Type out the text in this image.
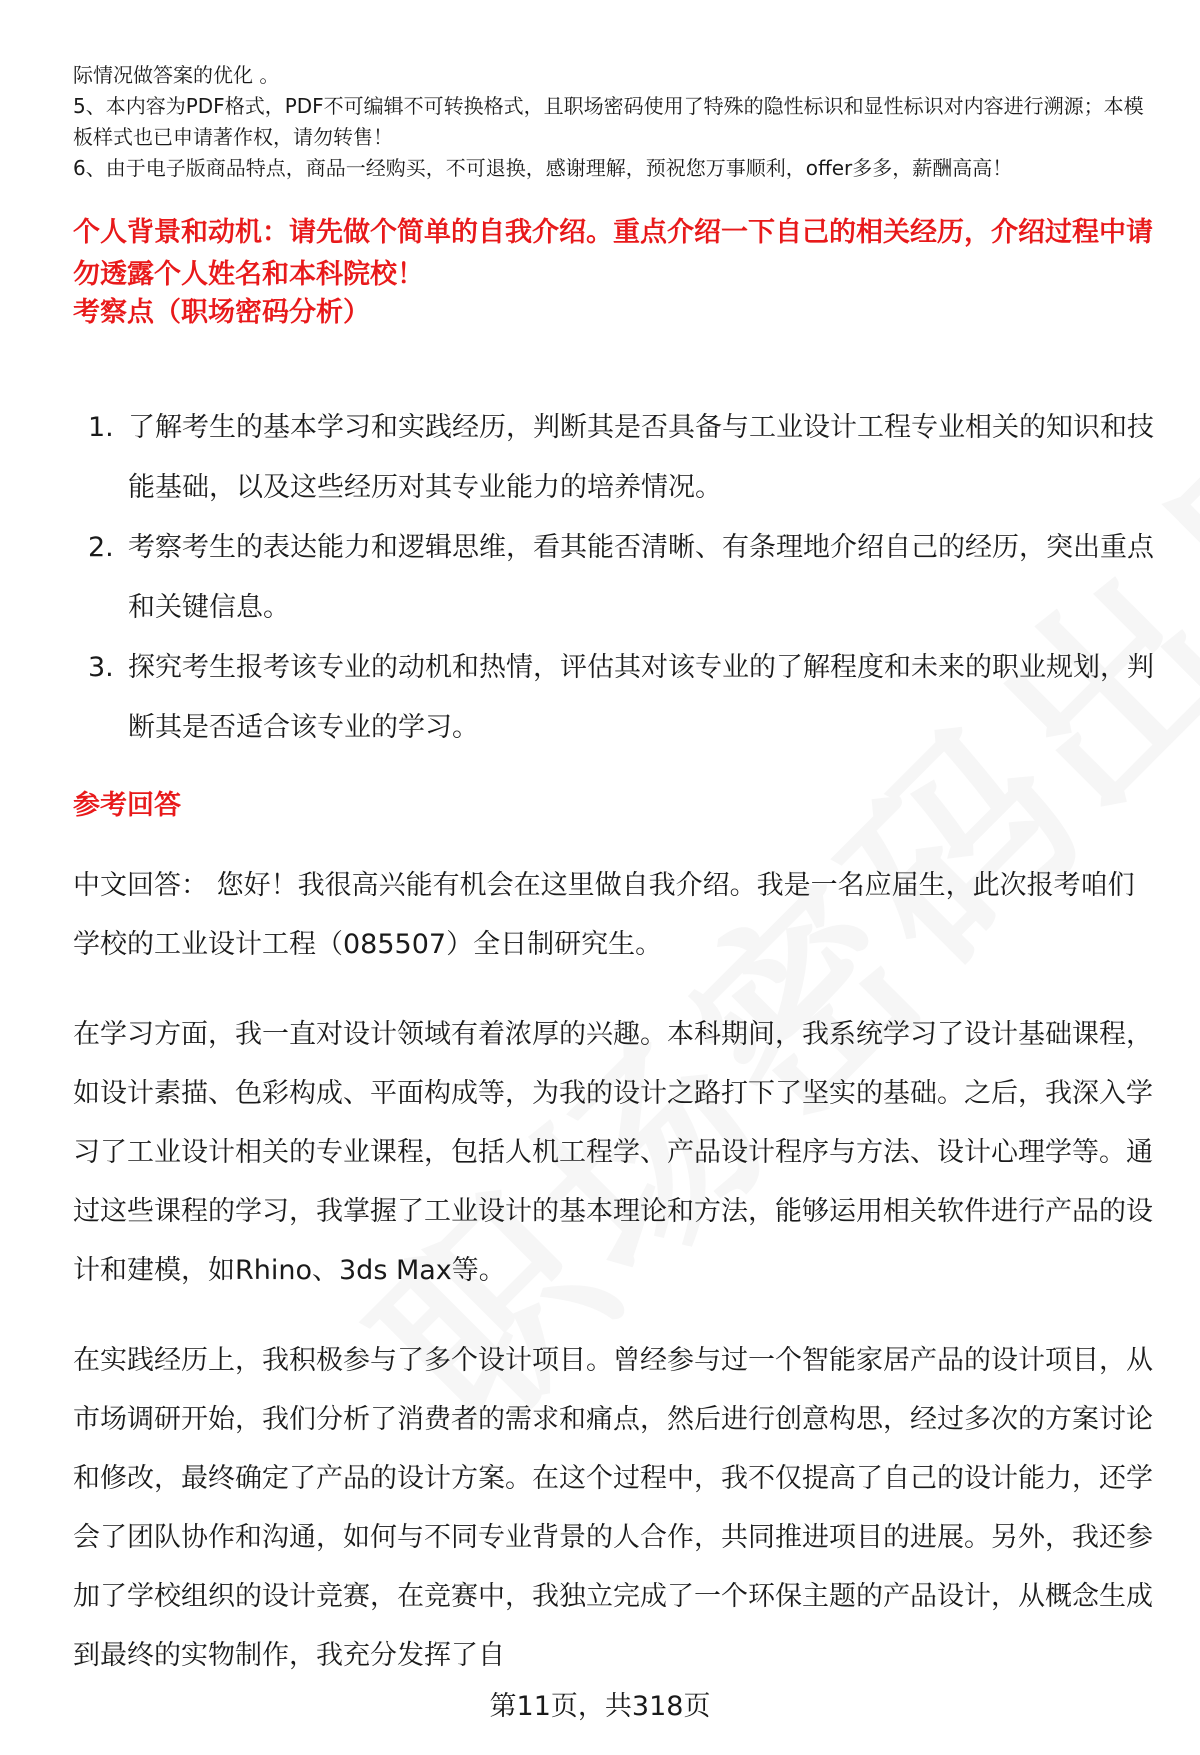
际情况做答案的优化 。

5、本内容为PDF格式，PDF不可编辑不可转换格式，且职场密码使用了特殊的隐性标识和显性标识对内容进行溯源；本模板样式也已申请著作权，请勿转售！

6、由于电子版商品特点，商品一经购买，不可退换，感谢理解，预祝您万事顺利，offer多多，薪酬高高！

个人背景和动机：请先做个简单的自我介绍。重点介绍一下自己的相关经历，介绍过程中请勿透露个人姓名和本科院校！
考察点（职场密码分析）
1. 了解考生的基本学习和实践经历，判断其是否具备与工业设计工程专业相关的知识和技能基础，以及这些经历对其专业能力的培养情况。
2. 考察考生的表达能力和逻辑思维，看其能否清晰、有条理地介绍自己的经历，突出重点和关键信息。
3. 探究考生报考该专业的动机和热情，评估其对该专业的了解程度和未来的职业规划，判断其是否适合该专业的学习。
参考回答

中文回答： 您好！我很高兴能有机会在这里做自我介绍。我是一名应届生，此次报考咱们学校的工业设计工程（085507）全日制研究生。

在学习方面，我一直对设计领域有着浓厚的兴趣。本科期间，我系统学习了设计基础课程，如设计素描、色彩构成、平面构成等，为我的设计之路打下了坚实的基础。之后，我深入学习了工业设计相关的专业课程，包括人机工程学、产品设计程序与方法、设计心理学等。通过这些课程的学习，我掌握了工业设计的基本理论和方法，能够运用相关软件进行产品的设计和建模，如Rhino、3ds Max等。

在实践经历上，我积极参与了多个设计项目。曾经参与过一个智能家居产品的设计项目，从市场调研开始，我们分析了消费者的需求和痛点，然后进行创意构思，经过多次的方案讨论和修改，最终确定了产品的设计方案。在这个过程中，我不仅提高了自己的设计能力，还学会了团队协作和沟通，如何与不同专业背景的人合作，共同推进项目的进展。另外，我还参加了学校组织的设计竞赛，在竞赛中，我独立完成了一个环保主题的产品设计，从概念生成到最终的实物制作，我充分发挥了自

第11页，共318页
